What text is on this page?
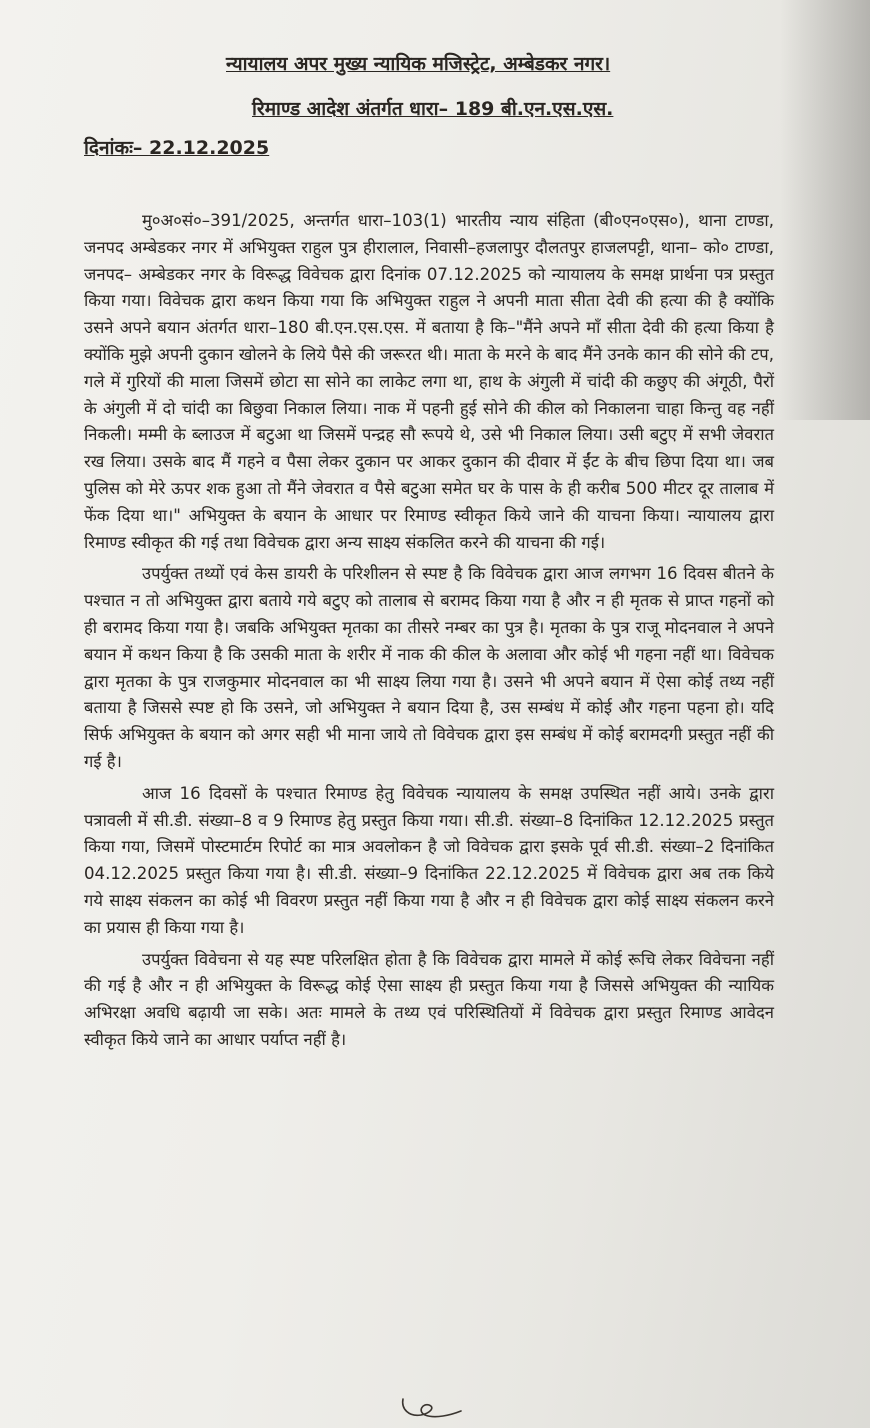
न्यायालय अपर मुख्य न्यायिक मजिस्ट्रेट, अम्बेडकर नगर।
रिमाण्ड आदेश अंतर्गत धारा– 189 बी.एन.एस.एस.
दिनांकः– 22.12.2025

मु०अ०सं०–391/2025, अन्तर्गत धारा–103(1) भारतीय न्याय संहिता (बी०एन०एस०), थाना टाण्डा, जनपद अम्बेडकर नगर में अभियुक्त राहुल पुत्र हीरालाल, निवासी–हजलापुर दौलतपुर हाजलपट्टी, थाना– को० टाण्डा, जनपद– अम्बेडकर नगर के विरूद्ध विवेचक द्वारा दिनांक 07.12.2025 को न्यायालय के समक्ष प्रार्थना पत्र प्रस्तुत किया गया। विवेचक द्वारा कथन किया गया कि अभियुक्त राहुल ने अपनी माता सीता देवी की हत्या की है क्योंकि उसने अपने बयान अंतर्गत धारा–180 बी.एन.एस.एस. में बताया है कि–"मैंने अपने माँ सीता देवी की हत्या किया है क्योंकि मुझे अपनी दुकान खोलने के लिये पैसे की जरूरत थी। माता के मरने के बाद मैंने उनके कान की सोने की टप, गले में गुरियों की माला जिसमें छोटा सा सोने का लाकेट लगा था, हाथ के अंगुली में चांदी की कछुए की अंगूठी, पैरों के अंगुली में दो चांदी का बिछुवा निकाल लिया। नाक में पहनी हुई सोने की कील को निकालना चाहा किन्तु वह नहीं निकली। मम्मी के ब्लाउज में बटुआ था जिसमें पन्द्रह सौ रूपये थे, उसे भी निकाल लिया। उसी बटुए में सभी जेवरात रख लिया। उसके बाद मैं गहने व पैसा लेकर दुकान पर आकर दुकान की दीवार में ईंट के बीच छिपा दिया था। जब पुलिस को मेरे ऊपर शक हुआ तो मैंने जेवरात व पैसे बटुआ समेत घर के पास के ही करीब 500 मीटर दूर तालाब में फेंक दिया था।" अभियुक्त के बयान के आधार पर रिमाण्ड स्वीकृत किये जाने की याचना किया। न्यायालय द्वारा रिमाण्ड स्वीकृत की गई तथा विवेचक द्वारा अन्य साक्ष्य संकलित करने की याचना की गई।

उपर्युक्त तथ्यों एवं केस डायरी के परिशीलन से स्पष्ट है कि विवेचक द्वारा आज लगभग 16 दिवस बीतने के पश्चात न तो अभियुक्त द्वारा बताये गये बटुए को तालाब से बरामद किया गया है और न ही मृतक से प्राप्त गहनों को ही बरामद किया गया है। जबकि अभियुक्त मृतका का तीसरे नम्बर का पुत्र है। मृतका के पुत्र राजू मोदनवाल ने अपने बयान में कथन किया है कि उसकी माता के शरीर में नाक की कील के अलावा और कोई भी गहना नहीं था। विवेचक द्वारा मृतका के पुत्र राजकुमार मोदनवाल का भी साक्ष्य लिया गया है। उसने भी अपने बयान में ऐसा कोई तथ्य नहीं बताया है जिससे स्पष्ट हो कि उसने, जो अभियुक्त ने बयान दिया है, उस सम्बंध में कोई और गहना पहना हो। यदि सिर्फ अभियुक्त के बयान को अगर सही भी माना जाये तो विवेचक द्वारा इस सम्बंध में कोई बरामदगी प्रस्तुत नहीं की गई है।

आज 16 दिवसों के पश्चात रिमाण्ड हेतु विवेचक न्यायालय के समक्ष उपस्थित नहीं आये। उनके द्वारा पत्रावली में सी.डी. संख्या–8 व 9 रिमाण्ड हेतु प्रस्तुत किया गया। सी.डी. संख्या–8 दिनांकित 12.12.2025 प्रस्तुत किया गया, जिसमें पोस्टमार्टम रिपोर्ट का मात्र अवलोकन है जो विवेचक द्वारा इसके पूर्व सी.डी. संख्या–2 दिनांकित 04.12.2025 प्रस्तुत किया गया है। सी.डी. संख्या–9 दिनांकित 22.12.2025 में विवेचक द्वारा अब तक किये गये साक्ष्य संकलन का कोई भी विवरण प्रस्तुत नहीं किया गया है और न ही विवेचक द्वारा कोई साक्ष्य संकलन करने का प्रयास ही किया गया है।

उपर्युक्त विवेचना से यह स्पष्ट परिलक्षित होता है कि विवेचक द्वारा मामले में कोई रूचि लेकर विवेचना नहीं की गई है और न ही अभियुक्त के विरूद्ध कोई ऐसा साक्ष्य ही प्रस्तुत किया गया है जिससे अभियुक्त की न्यायिक अभिरक्षा अवधि बढ़ायी जा सके। अतः मामले के तथ्य एवं परिस्थितियों में विवेचक द्वारा प्रस्तुत रिमाण्ड आवेदन स्वीकृत किये जाने का आधार पर्याप्त नहीं है।
